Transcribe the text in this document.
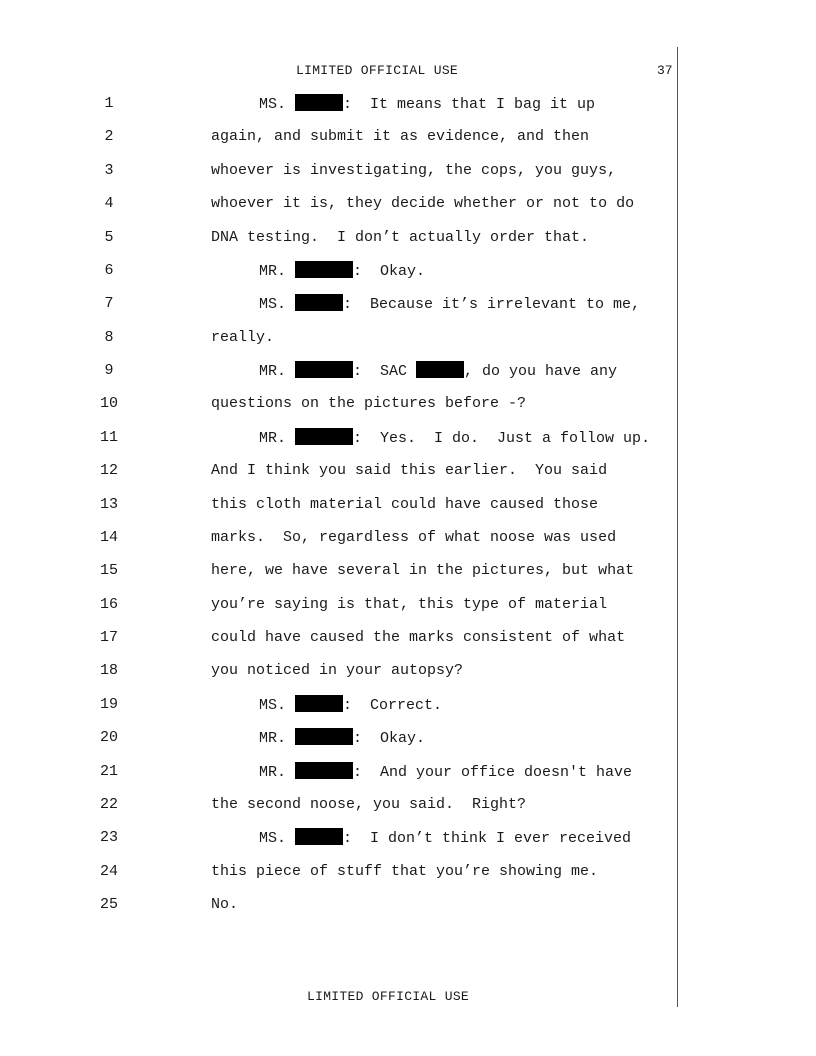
LIMITED OFFICIAL USE	37
1	MS.	:  It means that I bag it up
2	again, and submit it as evidence, and then
3	whoever is investigating, the cops, you guys,
4	whoever it is, they decide whether or not to do
5	DNA testing.  I don’t actually order that.
6	MR.	:  Okay.
7	MS.	:  Because it’s irrelevant to me,
8	really.
9	MR.	:  SAC	, do you have any
10	questions on the pictures before -?
11	MR.	:  Yes.  I do.  Just a follow up.
12	And I think you said this earlier.  You said
13	this cloth material could have caused those
14	marks.  So, regardless of what noose was used
15	here, we have several in the pictures, but what
16	you’re saying is that, this type of material
17	could have caused the marks consistent of what
18	you noticed in your autopsy?
19	MS.	:  Correct.
20	MR.	:  Okay.
21	MR.	:  And your office doesn't have
22	the second noose, you said.  Right?
23	MS.	:  I don’t think I ever received
24	this piece of stuff that you’re showing me.
25	No.
LIMITED OFFICIAL USE
